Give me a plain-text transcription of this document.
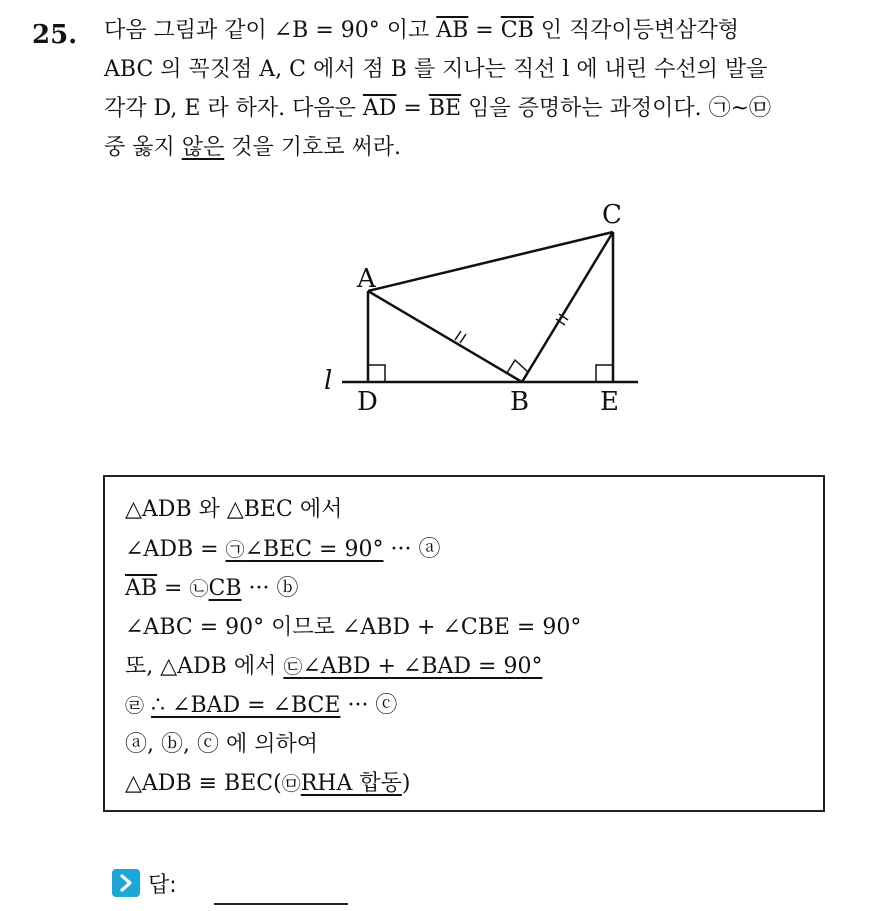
25. 다음 그림과 같이 ∠B = 90° 이고 $\overline{AB} = \overline{CB}$ 인 직각이등변삼각형
ABC 의 꼭짓점 A, C 에서 점 B 를 지나는 직선 l 에 내린 수선의 발을
각각 D, E 라 하자. 다음은 $\overline{AD} = \overline{BE}$ 임을 증명하는 과정이다. ㉠~㉤
중 옳지 않은 것을 기호로 써라.
A
C
D	B	E
l
△ADB 와 △BEC 에서
∠ADB = ㉠∠BEC = 90° ··· ⓐ
$\overline{AB}$ = ㉡CB ··· ⓑ
∠ABC = 90° 이므로 ∠ABD + ∠CBE = 90°
또, △ADB 에서 ㉢∠ABD + ∠BAD = 90°
㉣ ∴ ∠BAD = ∠BCE ··· ⓒ
ⓐ, ⓑ, ⓒ 에 의하여
△ADB ≡ BEC(㉤RHA 합동)
답:
